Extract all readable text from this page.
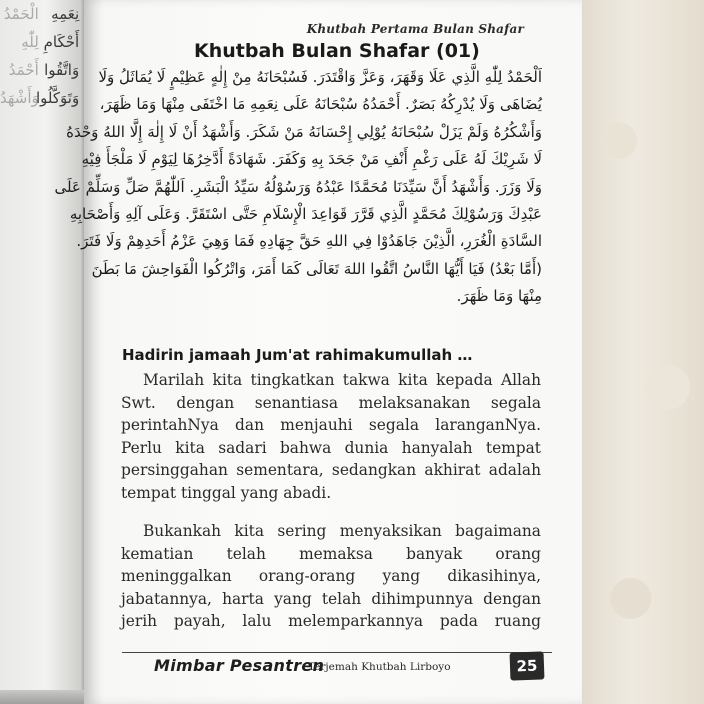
الْحَمْدُ
لِلّٰهِ
أَحْمَدُ
وَأَشْهَدُ
نِعَمِهِ
أَحْكَامِ
وَاتَّقُوا
وَتَوَكَّلُوا
Khutbah Pertama Bulan Shafar
Khutbah Bulan Shafar (01)
اَلْحَمْدُ لِلّٰهِ الَّذِي عَلَا وَقَهَرَ، وَعَزَّ وَاقْتَدَرَ. فَسُبْحَانَهُ مِنْ إِلٰهٍ عَظِيْمٍ لَا يُمَاثَلُ وَلَا
يُضَاهَى وَلَا يُدْرِكُهُ بَصَرٌ. أَحْمَدُهُ سُبْحَانَهُ عَلَى نِعَمِهِ مَا اخْتَفَى مِنْهَا وَمَا ظَهَرَ،
وَأَشْكُرُهُ وَلَمْ يَزَلْ سُبْحَانَهُ يُوْلِي إِحْسَانَهُ مَنْ شَكَرَ. وَأَشْهَدُ أَنْ لَا إِلٰهَ إِلَّا اللهُ وَحْدَهُ
لَا شَرِيْكَ لَهُ عَلَى رَغْمِ أَنْفِ مَنْ جَحَدَ بِهِ وَكَفَرَ. شَهَادَةً أَدَّخِرُهَا لِيَوْمِ لَا مَلْجَأَ فِيْهِ
وَلَا وَزَرَ. وَأَشْهَدُ أَنَّ سَيِّدَنَا مُحَمَّدًا عَبْدُهُ وَرَسُوْلُهُ سَيِّدُ الْبَشَرِ. اَللّٰهُمَّ صَلِّ وَسَلِّمْ عَلَى
عَبْدِكَ وَرَسُوْلِكَ مُحَمَّدٍ الَّذِي قَرَّرَ قَوَاعِدَ الْإِسْلَامِ حَتَّى اسْتَقَرَّ. وَعَلَى آلِهِ وَأَصْحَابِهِ
السَّادَةِ الْغُرَرِ، الَّذِيْنَ جَاهَدُوْا فِي اللهِ حَقَّ جِهَادِهِ فَمَا وَهِيَ عَزْمُ أَحَدِهِمْ وَلَا فَتَرَ.
(أَمَّا بَعْدُ) فَيَا أَيُّهَا النَّاسُ اتَّقُوا اللهَ تَعَالَى كَمَا أَمَرَ، وَاتْرُكُوا الْفَوَاحِشَ مَا بَطَنَ
مِنْهَا وَمَا ظَهَرَ.
Hadirin jamaah Jum'at rahimakumullah …
Marilah kita tingkatkan takwa kita kepada Allah
Swt. dengan senantiasa melaksanakan segala
perintahNya dan menjauhi segala laranganNya.
Perlu kita sadari bahwa dunia hanyalah tempat
persinggahan sementara, sedangkan akhirat adalah
tempat tinggal yang abadi.
Bukankah kita sering menyaksikan bagaimana
kematian telah memaksa banyak orang
meninggalkan orang-orang yang dikasihinya,
jabatannya, harta yang telah dihimpunnya dengan
jerih payah, lalu melemparkannya pada ruang
Mimbar Pesantren
Terjemah Khutbah Lirboyo	25
